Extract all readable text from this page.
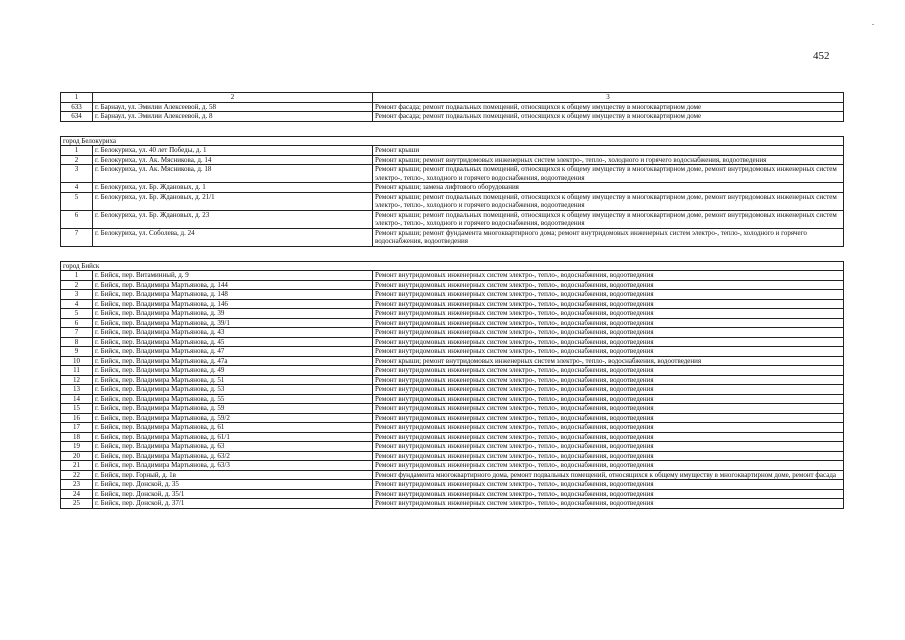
.
452
1	2	3
633	г. Барнаул, ул. Эмилии Алексеевой, д. 58	Ремонт фасада; ремонт подвальных помещений, относящихся к общему имуществу в многоквартирном доме
634	г. Барнаул, ул. Эмилии Алексеевой, д. 8	Ремонт фасада; ремонт подвальных помещений, относящихся к общему имуществу в многоквартирном доме

город Белокуриха		
1	г. Белокуриха, ул. 40 лет Победы, д. 1	Ремонт крыши
2	г. Белокуриха, ул. Ак. Мясникова, д. 14	Ремонт крыши; ремонт внутридомовых инженерных систем электро-, тепло-, холодного и горячего водоснабжения, водоотведения
3	г. Белокуриха, ул. Ак. Мясникова, д. 18	Ремонт крыши; ремонт подвальных помещений, относящихся к общему имуществу в многоквартирном доме, ремонт внутридомовых инженерных систем электро-, тепло-, холодного и горячего водоснабжения, водоотведения
4	г. Белокуриха, ул. Бр. Ждановых, д. 1	Ремонт крыши; замена лифтового оборудования
5	г. Белокуриха, ул. Бр. Ждановых, д. 21/1	Ремонт крыши; ремонт подвальных помещений, относящихся к общему имуществу в многоквартирном доме, ремонт внутридомовых инженерных систем электро-, тепло-, холодного и горячего водоснабжения, водоотведения
6	г. Белокуриха, ул. Бр. Ждановых, д. 23	Ремонт крыши; ремонт подвальных помещений, относящихся к общему имуществу в многоквартирном доме, ремонт внутридомовых инженерных систем электро-, тепло-, холодного и горячего водоснабжения, водоотведения
7	г. Белокуриха, ул. Соболева, д. 24	Ремонт крыши; ремонт фундамента многоквартирного дома; ремонт внутридомовых инженерных систем электро-, тепло-, холодного и горячего водоснабжения, водоотведения

город Бийск		
1	г. Бийск, пер. Витаминный, д. 9	Ремонт внутридомовых инженерных систем электро-, тепло-, водоснабжения, водоотведения
2	г. Бийск, пер. Владимира Мартьянова, д. 144	Ремонт внутридомовых инженерных систем электро-, тепло-, водоснабжения, водоотведения
3	г. Бийск, пер. Владимира Мартьянова, д. 148	Ремонт внутридомовых инженерных систем электро-, тепло-, водоснабжения, водоотведения
4	г. Бийск, пер. Владимира Мартьянова, д. 146	Ремонт внутридомовых инженерных систем электро-, тепло-, водоснабжения, водоотведения
5	г. Бийск, пер. Владимира Мартьянова, д. 39	Ремонт внутридомовых инженерных систем электро-, тепло-, водоснабжения, водоотведения
6	г. Бийск, пер. Владимира Мартьянова, д. 39/1	Ремонт внутридомовых инженерных систем электро-, тепло-, водоснабжения, водоотведения
7	г. Бийск, пер. Владимира Мартьянова, д. 43	Ремонт внутридомовых инженерных систем электро-, тепло-, водоснабжения, водоотведения
8	г. Бийск, пер. Владимира Мартьянова, д. 45	Ремонт внутридомовых инженерных систем электро-, тепло-, водоснабжения, водоотведения
9	г. Бийск, пер. Владимира Мартьянова, д. 47	Ремонт внутридомовых инженерных систем электро-, тепло-, водоснабжения, водоотведения
10	г. Бийск, пер. Владимира Мартьянова, д. 47а	Ремонт крыши; ремонт внутридомовых инженерных систем электро-, тепло-, водоснабжения, водоотведения
11	г. Бийск, пер. Владимира Мартьянова, д. 49	Ремонт внутридомовых инженерных систем электро-, тепло-, водоснабжения, водоотведения
12	г. Бийск, пер. Владимира Мартьянова, д. 51	Ремонт внутридомовых инженерных систем электро-, тепло-, водоснабжения, водоотведения
13	г. Бийск, пер. Владимира Мартьянова, д. 53	Ремонт внутридомовых инженерных систем электро-, тепло-, водоснабжения, водоотведения
14	г. Бийск, пер. Владимира Мартьянова, д. 55	Ремонт внутридомовых инженерных систем электро-, тепло-, водоснабжения, водоотведения
15	г. Бийск, пер. Владимира Мартьянова, д. 59	Ремонт внутридомовых инженерных систем электро-, тепло-, водоснабжения, водоотведения
16	г. Бийск, пер. Владимира Мартьянова, д. 59/2	Ремонт внутридомовых инженерных систем электро-, тепло-, водоснабжения, водоотведения
17	г. Бийск, пер. Владимира Мартьянова, д. 61	Ремонт внутридомовых инженерных систем электро-, тепло-, водоснабжения, водоотведения
18	г. Бийск, пер. Владимира Мартьянова, д. 61/1	Ремонт внутридомовых инженерных систем электро-, тепло-, водоснабжения, водоотведения
19	г. Бийск, пер. Владимира Мартьянова, д. 63	Ремонт внутридомовых инженерных систем электро-, тепло-, водоснабжения, водоотведения
20	г. Бийск, пер. Владимира Мартьянова, д. 63/2	Ремонт внутридомовых инженерных систем электро-, тепло-, водоснабжения, водоотведения
21	г. Бийск, пер. Владимира Мартьянова, д. 63/3	Ремонт внутридомовых инженерных систем электро-, тепло-, водоснабжения, водоотведения
22	г. Бийск, пер. Горный, д. 1в	Ремонт фундамента многоквартирного дома, ремонт подвальных помещений, относящихся к общему имуществу в многоквартирном доме, ремонт фасада
23	г. Бийск, пер. Донской, д. 35	Ремонт внутридомовых инженерных систем электро-, тепло-, водоснабжения, водоотведения
24	г. Бийск, пер. Донской, д. 35/1	Ремонт внутридомовых инженерных систем электро-, тепло-, водоснабжения, водоотведения
25	г. Бийск, пер. Донской, д. 37/1	Ремонт внутридомовых инженерных систем электро-, тепло-, водоснабжения, водоотведения
